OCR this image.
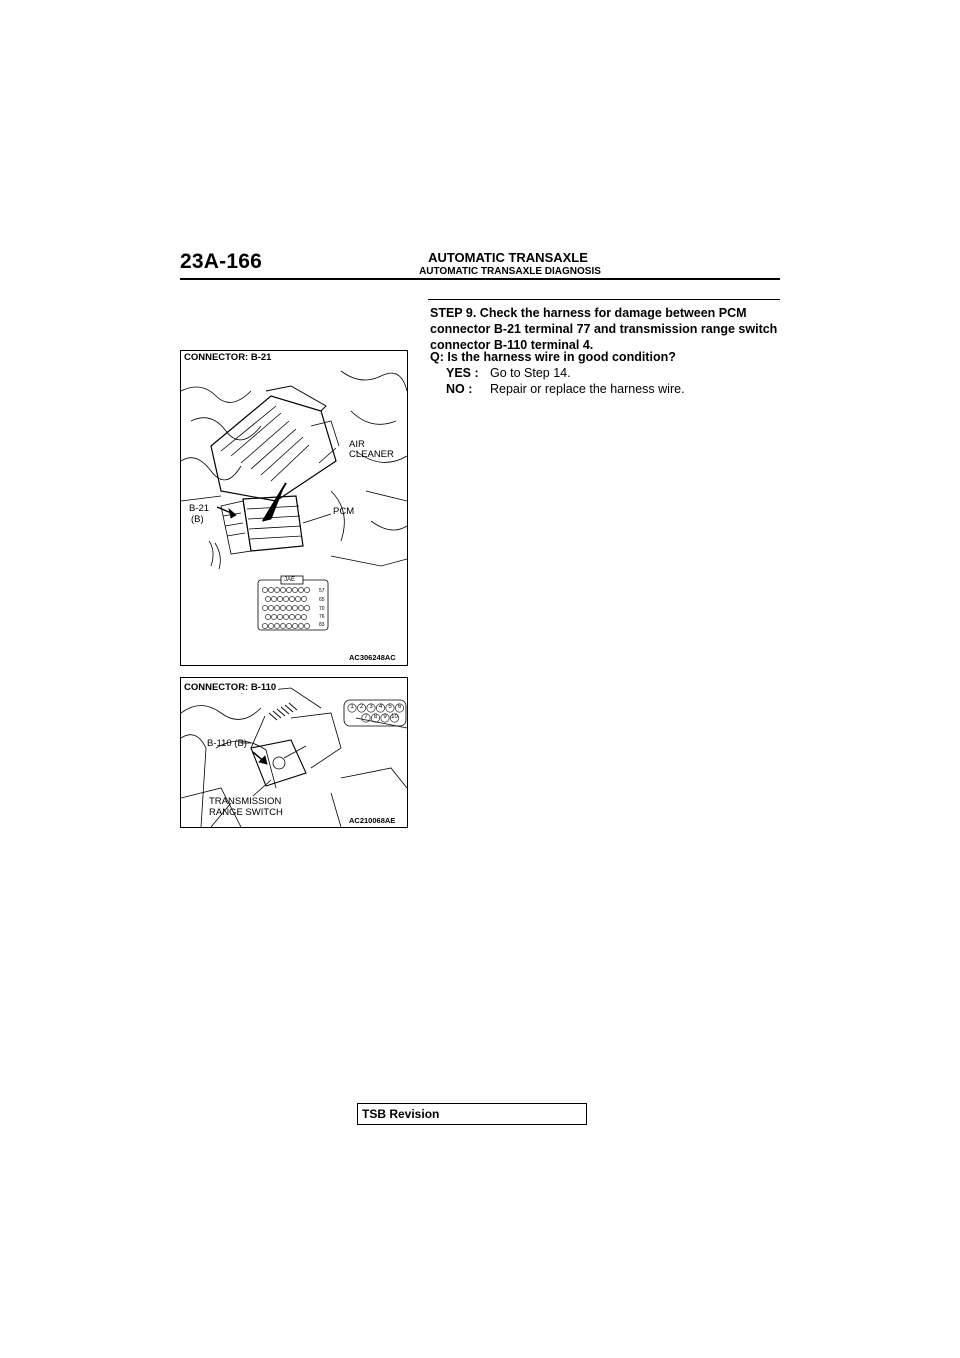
23A-166	AUTOMATIC TRANSAXLE
AUTOMATIC TRANSAXLE DIAGNOSIS
STEP 9. Check the harness for damage between PCM connector B-21 terminal 77 and transmission range switch connector B-110 terminal 4.
Q: Is the harness wire in good condition?
YES : Go to Step 14.
NO : Repair or replace the harness wire.
CONNECTOR: B-21
AIR
CLEANER
B-21
(B)
PCM
JAE
57
65
70
76
83
AC306248AC
CONNECTOR: B-110
B-110 (B)
TRANSMISSION
RANGE SWITCH
1	2	3	4	5	6
7	8	9 10
AC210068AE
TSB Revision
